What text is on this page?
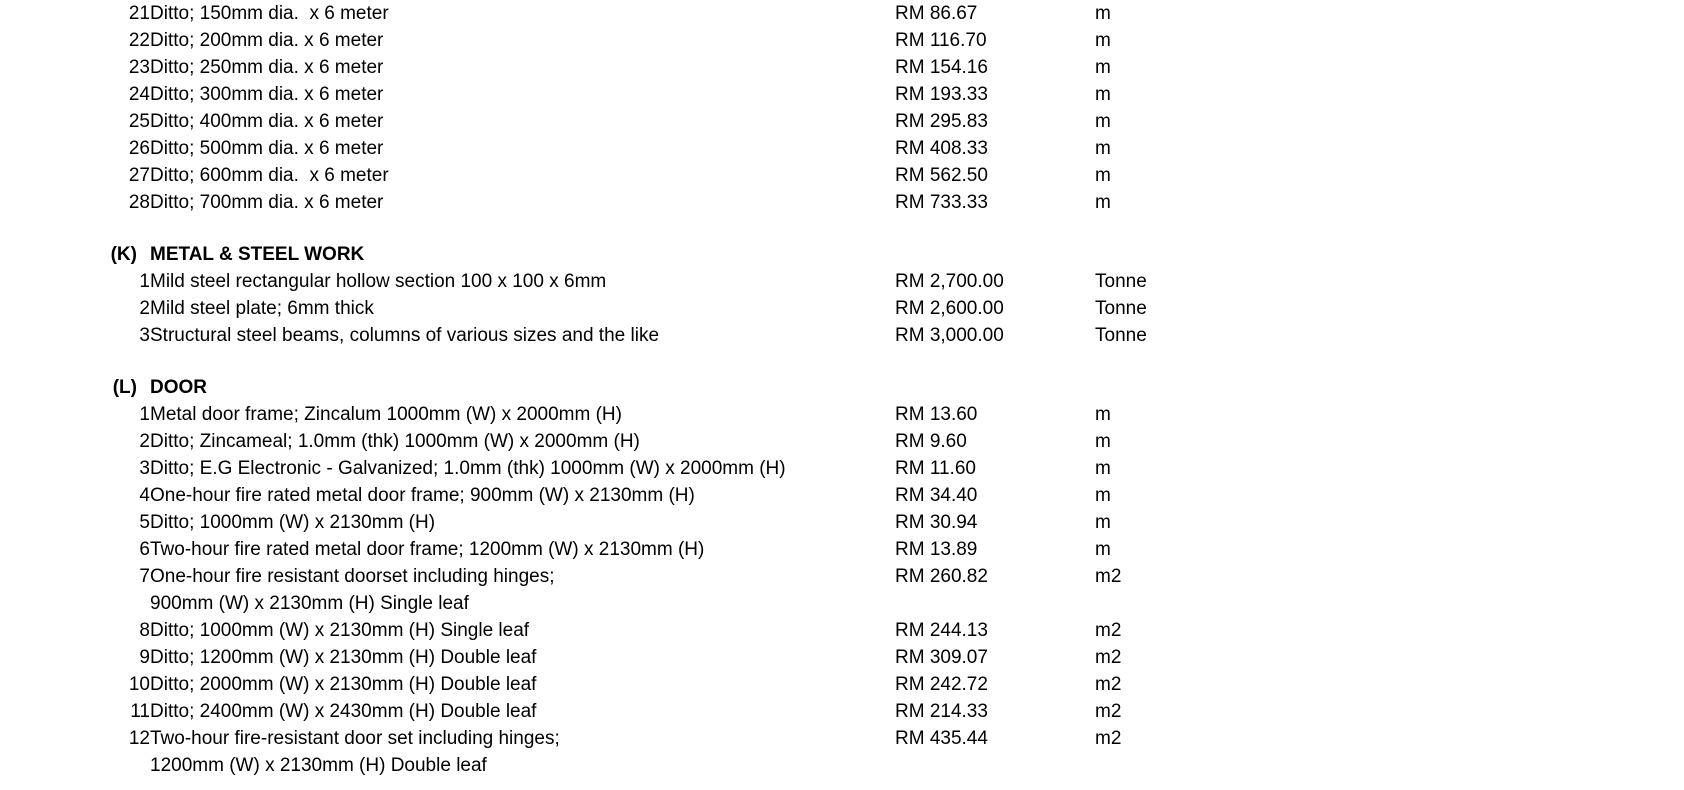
21	Ditto; 150mm dia.  x 6 meter	RM 86.67	m
22	Ditto; 200mm dia. x 6 meter	RM 116.70	m
23	Ditto; 250mm dia. x 6 meter	RM 154.16	m
24	Ditto; 300mm dia. x 6 meter	RM 193.33	m
25	Ditto; 400mm dia. x 6 meter	RM 295.83	m
26	Ditto; 500mm dia. x 6 meter	RM 408.33	m
27	Ditto; 600mm dia.  x 6 meter	RM 562.50	m
28	Ditto; 700mm dia. x 6 meter	RM 733.33	m

(K)	METAL & STEEL WORK		
1	Mild steel rectangular hollow section 100 x 100 x 6mm	RM 2,700.00	Tonne
2	Mild steel plate; 6mm thick	RM 2,600.00	Tonne
3	Structural steel beams, columns of various sizes and the like	RM 3,000.00	Tonne

(L)	DOOR		
1	Metal door frame; Zincalum 1000mm (W) x 2000mm (H)	RM 13.60	m
2	Ditto; Zincameal; 1.0mm (thk) 1000mm (W) x 2000mm (H)	RM 9.60	m
3	Ditto; E.G Electronic - Galvanized; 1.0mm (thk) 1000mm (W) x 2000mm (H)	RM 11.60	m
4	One-hour fire rated metal door frame; 900mm (W) x 2130mm (H)	RM 34.40	m
5	Ditto; 1000mm (W) x 2130mm (H)	RM 30.94	m
6	Two-hour fire rated metal door frame; 1200mm (W) x 2130mm (H)	RM 13.89	m
7	One-hour fire resistant doorset including hinges;	RM 260.82	m2
	900mm (W) x 2130mm (H) Single leaf		
8	Ditto; 1000mm (W) x 2130mm (H) Single leaf	RM 244.13	m2
9	Ditto; 1200mm (W) x 2130mm (H) Double leaf	RM 309.07	m2
10	Ditto; 2000mm (W) x 2130mm (H) Double leaf	RM 242.72	m2
11	Ditto; 2400mm (W) x 2430mm (H) Double leaf	RM 214.33	m2
12	Two-hour fire-resistant door set including hinges;	RM 435.44	m2
	1200mm (W) x 2130mm (H) Double leaf		
